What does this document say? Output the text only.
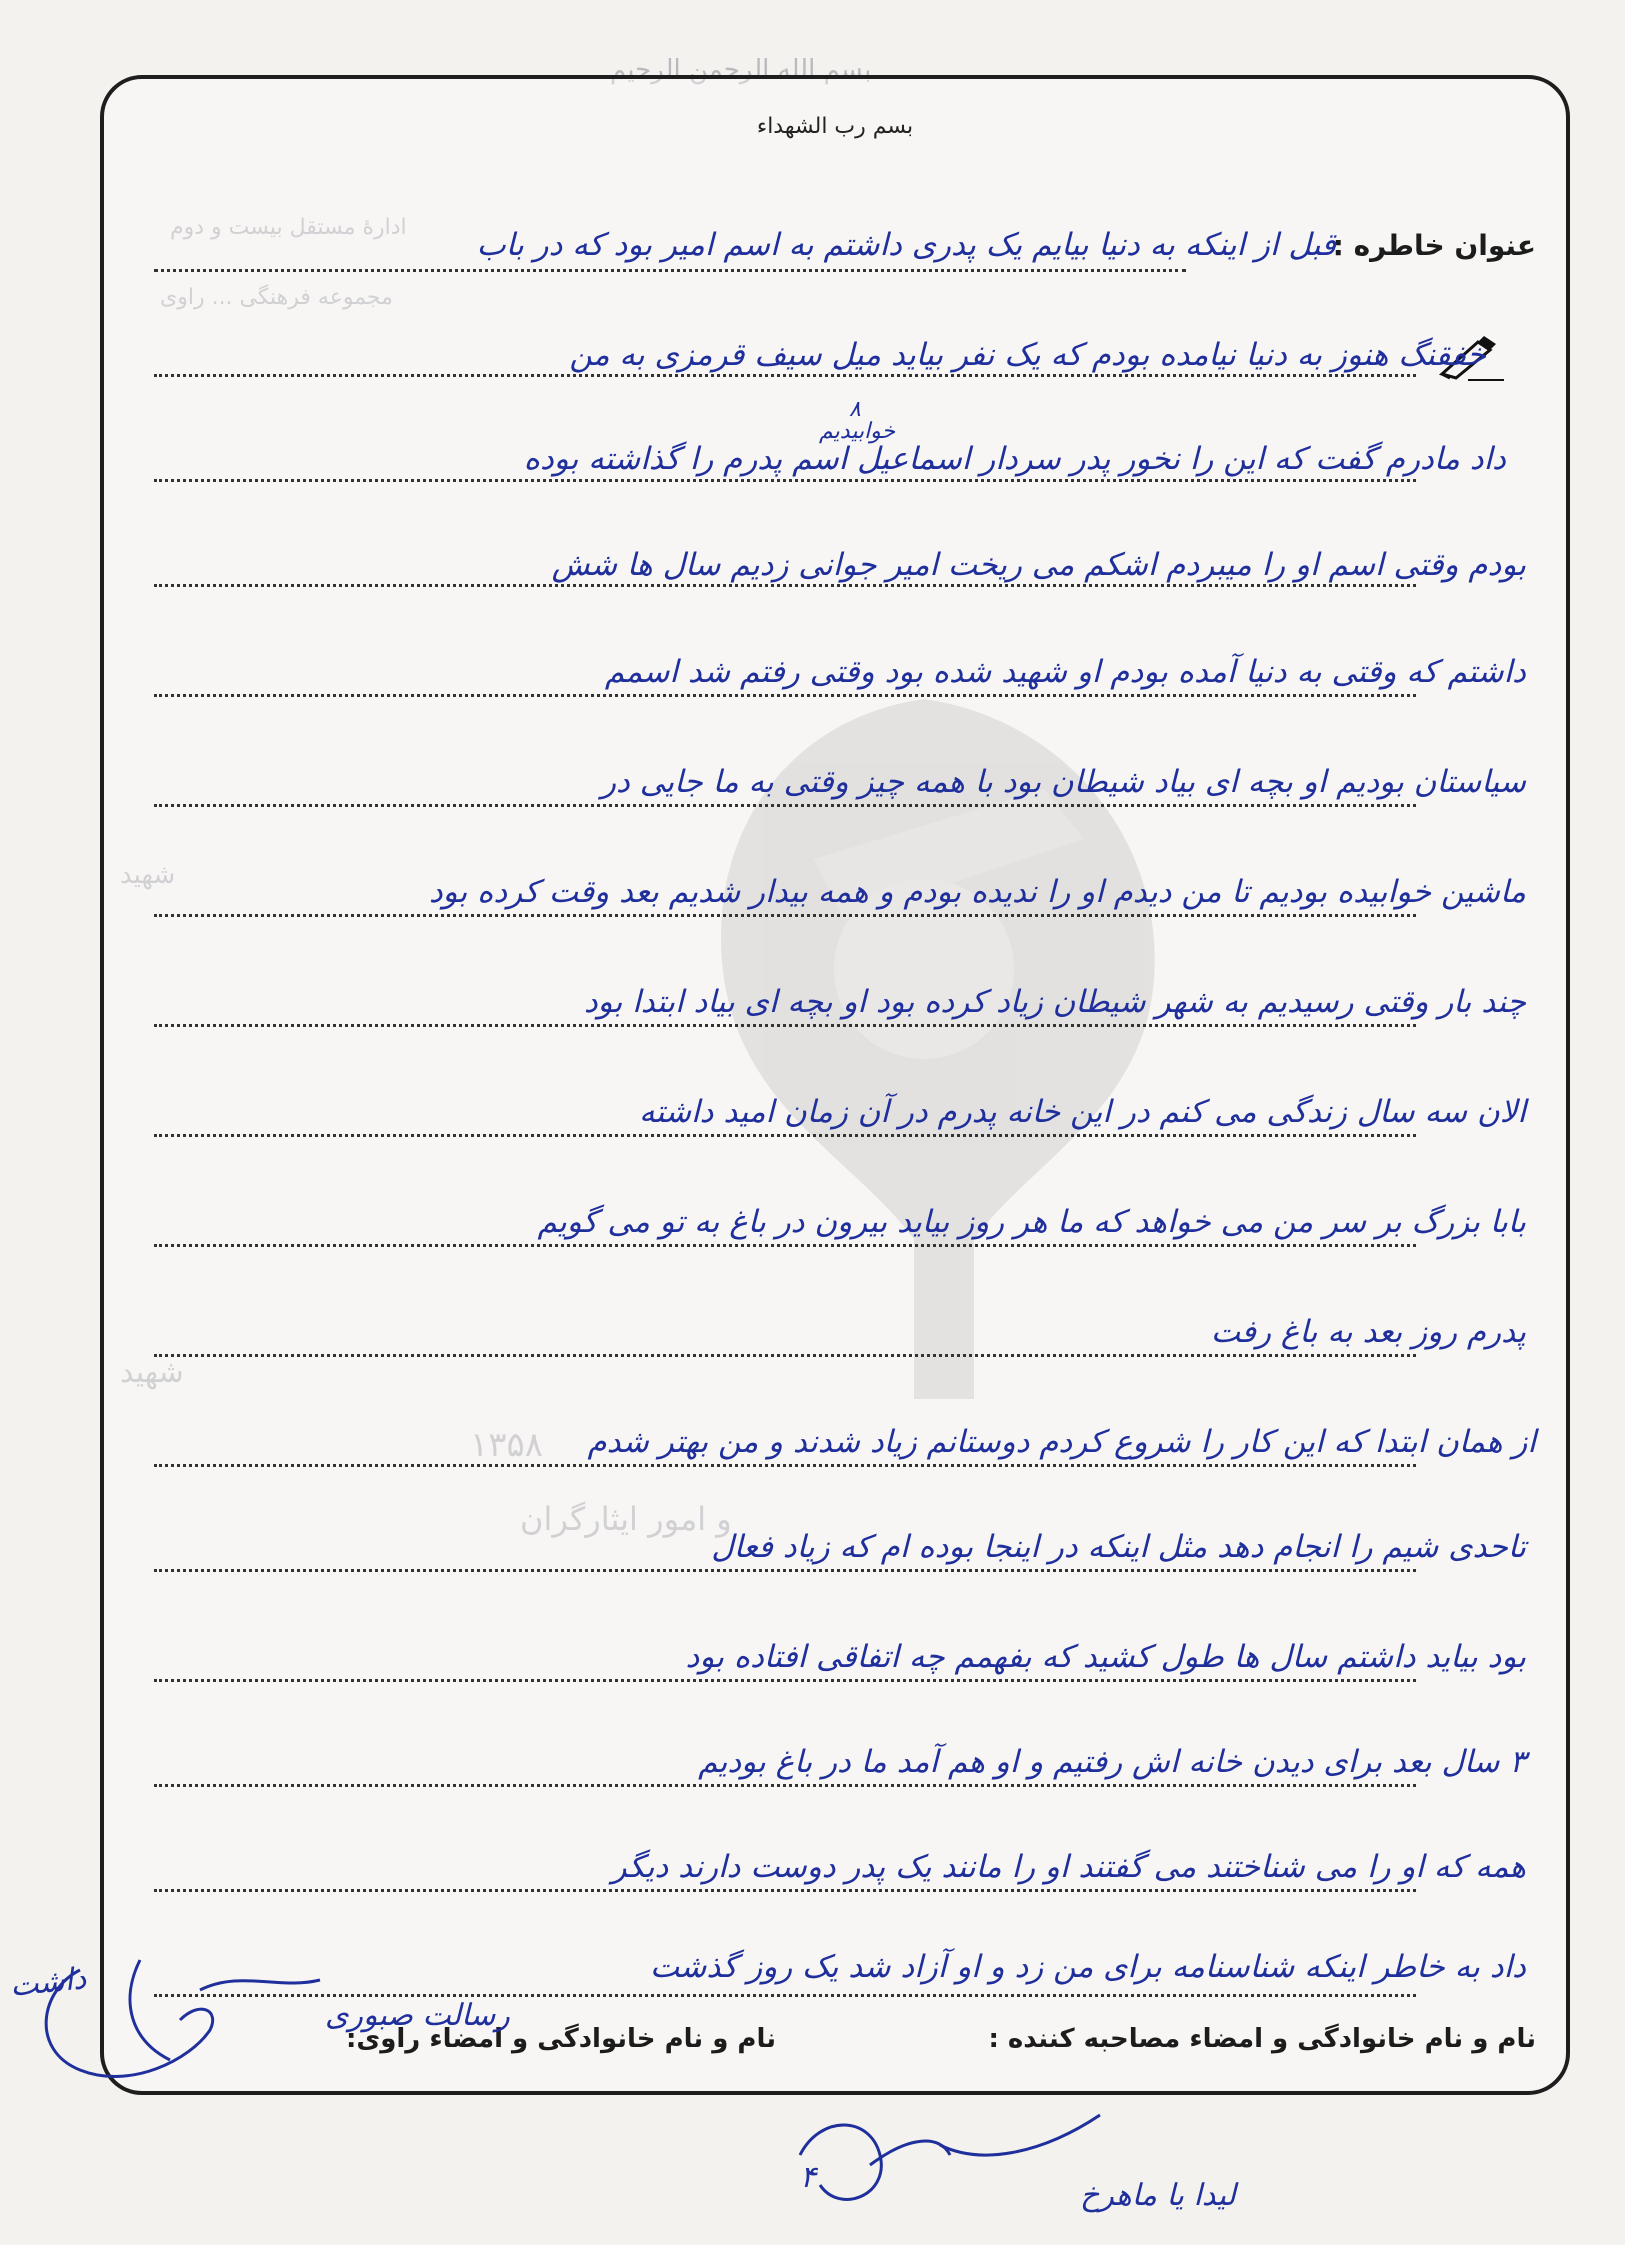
بسم الله الرحمن الرحیم
ادارهٔ مستقل بیست و دوم
مجموعه فرهنگی ... راوی
شهید
شهید
۱۳۵۸
و امور ایثارگران
بسم رب الشهداء
عنوان خاطره :
قبل از اینکه به دنیا بیایم یک پدری داشتم به اسم امیر بود که در باب
خفقنگ هنوز به دنیا نیامده بودم که یک نفر بیاید میل سیف قرمزی به من
۸
خوابیدیم
داد مادرم گفت که این را نخور پدر سردار اسماعیل اسم پدرم را گذاشته بوده
بودم وقتی اسم او را میبردم اشکم می ریخت امیر جوانی زدیم سال ها شش
داشتم که وقتی به دنیا آمده بودم او شهید شده بود وقتی رفتم شد اسمم
سیاستان بودیم او بچه ای بیاد شیطان بود با همه چیز وقتی به ما جایی در
ماشین خوابیده بودیم تا من دیدم او را ندیده بودم و همه بیدار شدیم بعد وقت کرده بود
چند بار وقتی رسیدیم به شهر شیطان زیاد کرده بود او بچه ای بیاد ابتدا بود
الان سه سال زندگی می کنم در این خانه پدرم در آن زمان امید داشته
بابا بزرگ بر سر من می خواهد که ما هر روز بیاید بیرون در باغ به تو می گویم
پدرم روز بعد به باغ رفت
از همان ابتدا که این کار را شروع کردم دوستانم زیاد شدند و من بهتر شدم
تاحدی شیم را انجام دهد مثل اینکه در اینجا بوده ام که زیاد فعال
بود بیاید داشتم سال ها طول کشید که بفهمم چه اتفاقی افتاده بود
۳ سال بعد برای دیدن خانه اش رفتیم و او هم آمد ما در باغ بودیم
همه که او را می شناختند می گفتند او را مانند یک پدر دوست دارند دیگر
داد به خاطر اینکه شناسنامه برای من زد و او آزاد شد یک روز گذشت
نام و نام خانوادگی و امضاء مصاحبه کننده :
نام و نام خانوادگی و امضاء راوی:
داشت
رسالت صبوری
لیدا یا ماهرخ
۴
